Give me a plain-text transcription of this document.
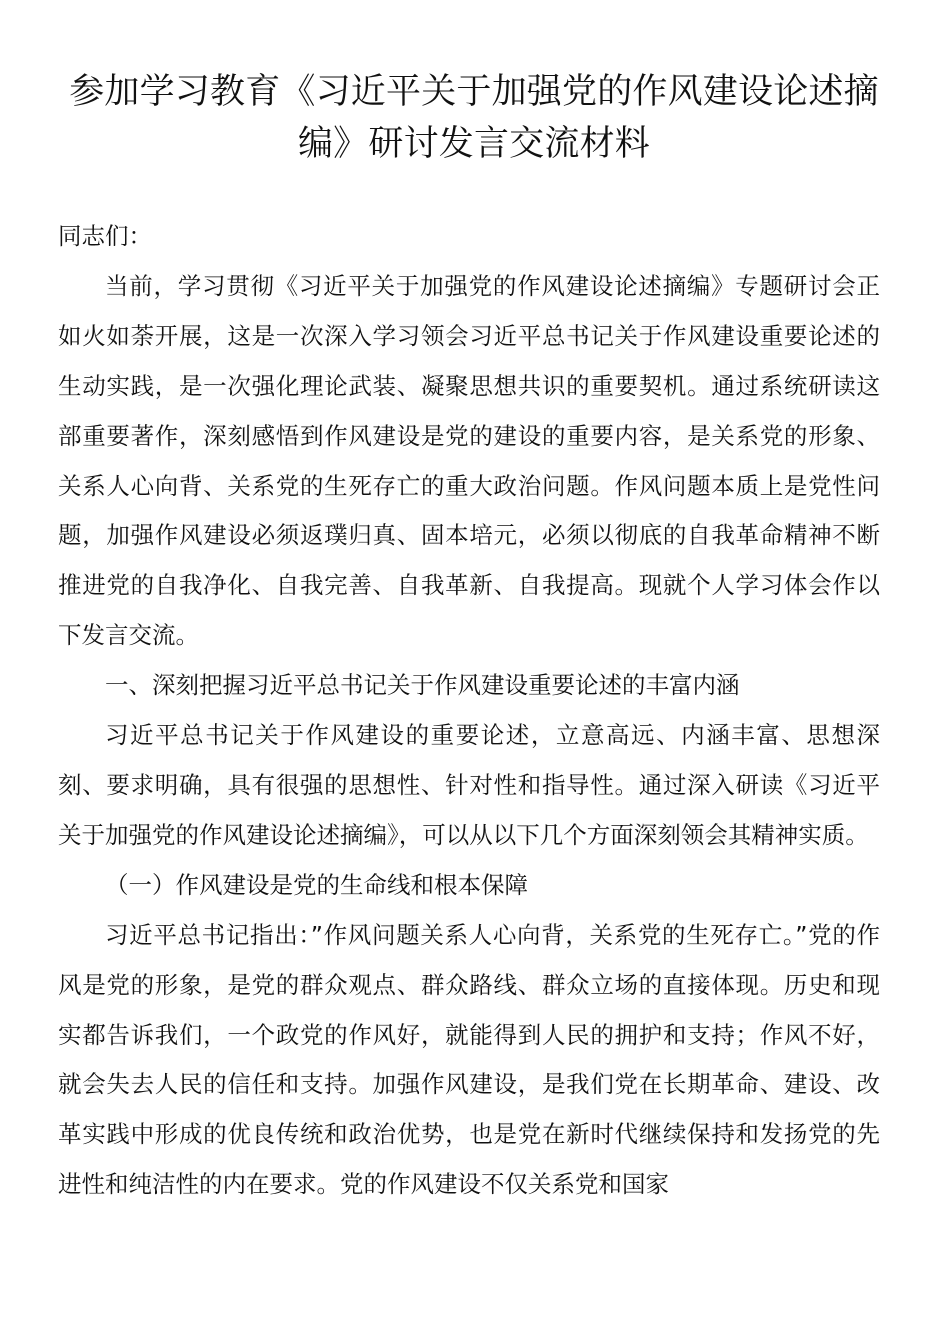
参加学习教育《习近平关于加强党的作风建设论述摘
编》研讨发言交流材料

同志们：

当前，学习贯彻《习近平关于加强党的作风建设论述摘编》专题研讨会正如火如荼开展，这是一次深入学习领会习近平总书记关于作风建设重要论述的生动实践，是一次强化理论武装、凝聚思想共识的重要契机。通过系统研读这部重要著作，深刻感悟到作风建设是党的建设的重要内容，是关系党的形象、关系人心向背、关系党的生死存亡的重大政治问题。作风问题本质上是党性问题，加强作风建设必须返璞归真、固本培元，必须以彻底的自我革命精神不断推进党的自我净化、自我完善、自我革新、自我提高。现就个人学习体会作以下发言交流。

一、深刻把握习近平总书记关于作风建设重要论述的丰富内涵

习近平总书记关于作风建设的重要论述，立意高远、内涵丰富、思想深刻、要求明确，具有很强的思想性、针对性和指导性。通过深入研读《习近平关于加强党的作风建设论述摘编》，可以从以下几个方面深刻领会其精神实质。

（一）作风建设是党的生命线和根本保障

习近平总书记指出：”作风问题关系人心向背，关系党的生死存亡。”党的作风是党的形象，是党的群众观点、群众路线、群众立场的直接体现。历史和现实都告诉我们，一个政党的作风好，就能得到人民的拥护和支持；作风不好，就会失去人民的信任和支持。加强作风建设，是我们党在长期革命、建设、改革实践中形成的优良传统和政治优势，也是党在新时代继续保持和发扬党的先进性和纯洁性的内在要求。党的作风建设不仅关系党和国家
